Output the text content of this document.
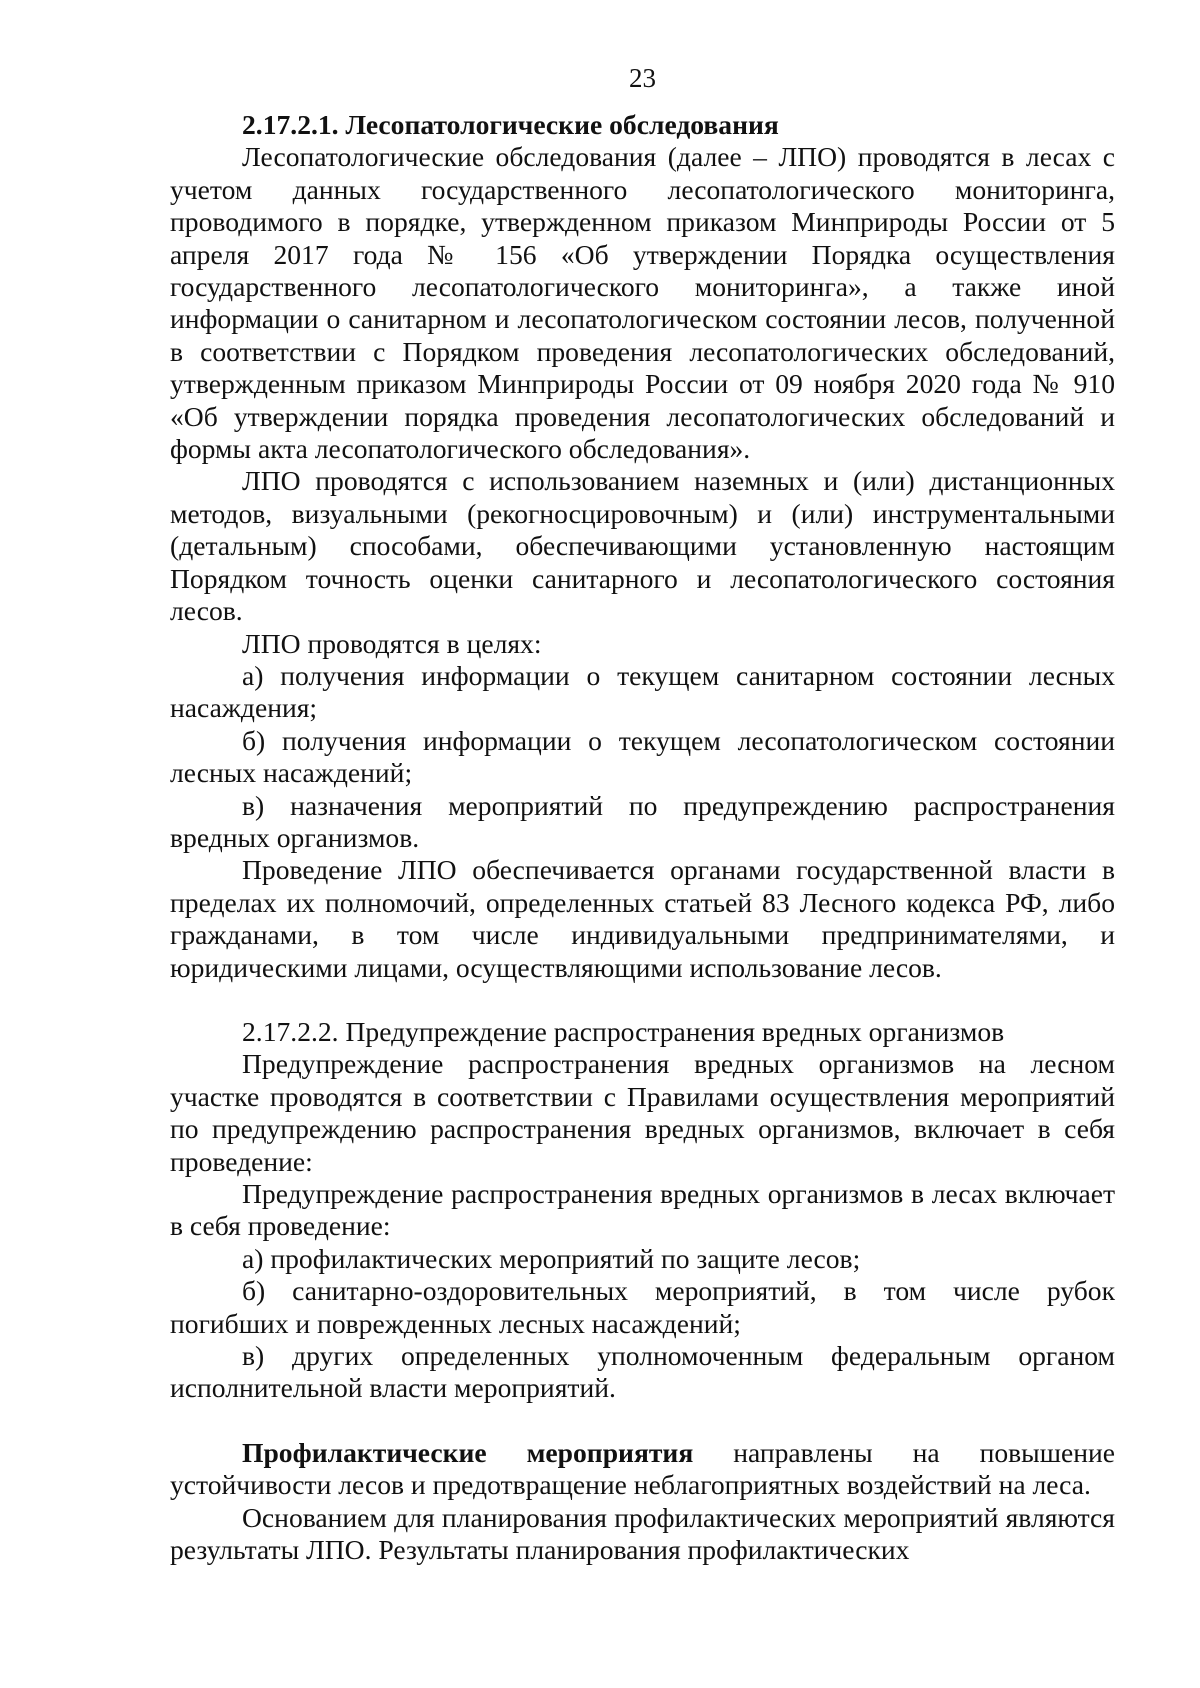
23

2.17.2.1. Лесопатологические обследования

Лесопатологические обследования (далее – ЛПО) проводятся в лесах с учетом данных государственного лесопатологического мониторинга, проводимого в порядке, утвержденном приказом Минприроды России от 5 апреля 2017 года № 156 «Об утверждении Порядка осуществления государственного лесопатологического мониторинга», а также иной информации о санитарном и лесопатологическом состоянии лесов, полученной в соответствии с Порядком проведения лесопатологических обследований, утвержденным приказом Минприроды России от 09 ноября 2020 года № 910 «Об утверждении порядка проведения лесопатологических обследований и формы акта лесопатологического обследования».

ЛПО проводятся с использованием наземных и (или) дистанционных методов, визуальными (рекогносцировочным) и (или) инструментальными (детальным) способами, обеспечивающими установленную настоящим Порядком точность оценки санитарного и лесопатологического состояния лесов.

ЛПО проводятся в целях:

а) получения информации о текущем санитарном состоянии лесных насаждения;

б) получения информации о текущем лесопатологическом состоянии лесных насаждений;

в) назначения мероприятий по предупреждению распространения вредных организмов.

Проведение ЛПО обеспечивается органами государственной власти в пределах их полномочий, определенных статьей 83 Лесного кодекса РФ, либо гражданами, в том числе индивидуальными предпринимателями, и юридическими лицами, осуществляющими использование лесов.

2.17.2.2. Предупреждение распространения вредных организмов

Предупреждение распространения вредных организмов на лесном участке проводятся в соответствии с Правилами осуществления мероприятий по предупреждению распространения вредных организмов, включает в себя проведение:

Предупреждение распространения вредных организмов в лесах включает в себя проведение:

а) профилактических мероприятий по защите лесов;

б) санитарно-оздоровительных мероприятий, в том числе рубок погибших и поврежденных лесных насаждений;

в) других определенных уполномоченным федеральным органом исполнительной власти мероприятий.

Профилактические мероприятия направлены на повышение устойчивости лесов и предотвращение неблагоприятных воздействий на леса.

Основанием для планирования профилактических мероприятий являются результаты ЛПО. Результаты планирования профилактических
